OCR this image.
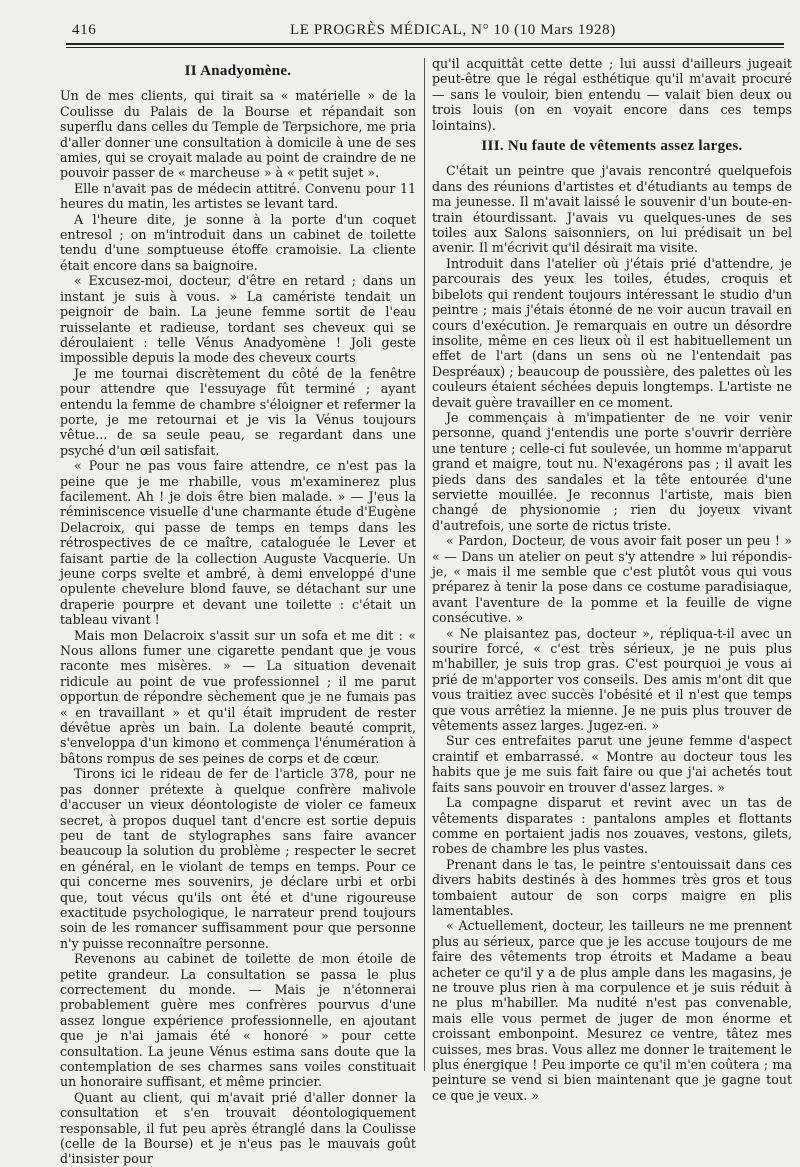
416	LE PROGRÈS MÉDICAL, N° 10 (10 Mars 1928)
II Anadyomène.

Un de mes clients, qui tirait sa « matérielle » de la Coulisse du Palais de la Bourse et répandait son superflu dans celles du Temple de Terpsichore, me pria d'aller donner une consultation à domicile à une de ses amies, qui se croyait malade au point de craindre de ne pouvoir passer de « marcheuse » à « petit sujet ».

Elle n'avait pas de médecin attitré. Convenu pour 11 heures du matin, les artistes se levant tard.

A l'heure dite, je sonne à la porte d'un coquet entresol ; on m'introduit dans un cabinet de toilette tendu d'une somptueuse étoffe cramoisie. La cliente était encore dans sa baignoire.

« Excusez-moi, docteur, d'être en retard ; dans un instant je suis à vous. » La camériste tendait un peignoir de bain. La jeune femme sortit de l'eau ruisselante et radieuse, tordant ses cheveux qui se déroulaient : telle Vénus Anadyomène ! Joli geste impossible depuis la mode des cheveux courts

Je me tournai discrètement du côté de la fenêtre pour attendre que l'essuyage fût terminé ; ayant entendu la femme de chambre s'éloigner et refermer la porte, je me retournai et je vis la Vénus toujours vêtue... de sa seule peau, se regardant dans une psyché d'un œil satisfait.

« Pour ne pas vous faire attendre, ce n'est pas la peine que je me rhabille, vous m'examinerez plus facilement. Ah ! je dois être bien malade. » — J'eus la réminiscence visuelle d'une charmante étude d'Eugène Delacroix, qui passe de temps en temps dans les rétrospectives de ce maître, cataloguée le Lever et faisant partie de la collection Auguste Vacquerie. Un jeune corps svelte et ambré, à demi enveloppé d'une opulente chevelure blond fauve, se détachant sur une draperie pourpre et devant une toilette : c'était un tableau vivant !

Mais mon Delacroix s'assit sur un sofa et me dit : « Nous allons fumer une cigarette pendant que je vous raconte mes misères. » — La situation devenait ridicule au point de vue professionnel ; il me parut opportun de répondre sèchement que je ne fumais pas « en travaillant » et qu'il était imprudent de rester dévêtue après un bain. La dolente beauté comprit, s'enveloppa d'un kimono et commença l'énumération à bâtons rompus de ses peines de corps et de cœur.

Tirons ici le rideau de fer de l'article 378, pour ne pas donner prétexte à quelque confrère malivole d'accuser un vieux déontologiste de violer ce fameux secret, à propos duquel tant d'encre est sortie depuis peu de tant de stylographes sans faire avancer beaucoup la solution du problème ; respecter le secret en général, en le violant de temps en temps. Pour ce qui concerne mes souvenirs, je déclare urbi et orbi que, tout vécus qu'ils ont été et d'une rigoureuse exactitude psychologique, le narrateur prend toujours soin de les romancer suffisamment pour que personne n'y puisse reconnaître personne.

Revenons au cabinet de toilette de mon étoile de petite grandeur. La consultation se passa le plus correctement du monde. — Mais je n'étonnerai probablement guère mes confrères pourvus d'une assez longue expérience professionnelle, en ajoutant que je n'ai jamais été « honoré » pour cette consultation. La jeune Vénus estima sans doute que la contemplation de ses charmes sans voiles constituait un honoraire suffisant, et même princier.

Quant au client, qui m'avait prié d'aller donner la consultation et s'en trouvait déontologiquement responsable, il fut peu après étranglé dans la Coulisse (celle de la Bourse) et je n'eus pas le mauvais goût d'insister pour

qu'il acquittât cette dette ; lui aussi d'ailleurs jugeait peut-être que le régal esthétique qu'il m'avait procuré — sans le vouloir, bien entendu — valait bien deux ou trois louis (on en voyait encore dans ces temps lointains).

III. Nu faute de vêtements assez larges.

C'était un peintre que j'avais rencontré quelquefois dans des réunions d'artistes et d'étudiants au temps de ma jeunesse. Il m'avait laissé le souvenir d'un boute-en-train étourdissant. J'avais vu quelques-unes de ses toiles aux Salons saisonniers, on lui prédisait un bel avenir. Il m'écrivit qu'il désirait ma visite.

Introduit dans l'atelier où j'étais prié d'attendre, je parcourais des yeux les toiles, études, croquis et bibelots qui rendent toujours intéressant le studio d'un peintre ; mais j'étais étonné de ne voir aucun travail en cours d'exécution. Je remarquais en outre un désordre insolite, même en ces lieux où il est habituellement un effet de l'art (dans un sens où ne l'entendait pas Despréaux) ; beaucoup de poussière, des palettes où les couleurs étaient séchées depuis longtemps. L'artiste ne devait guère travailler en ce moment.

Je commençais à m'impatienter de ne voir venir personne, quand j'entendis une porte s'ouvrir derrière une tenture ; celle-ci fut soulevée, un homme m'apparut grand et maigre, tout nu. N'exagérons pas ; il avait les pieds dans des sandales et la tête entourée d'une serviette mouillée. Je reconnus l'artiste, mais bien changé de physionomie ; rien du joyeux vivant d'autrefois, une sorte de rictus triste.

« Pardon, Docteur, de vous avoir fait poser un peu ! » « — Dans un atelier on peut s'y attendre » lui répondis-je, « mais il me semble que c'est plutôt vous qui vous préparez à tenir la pose dans ce costume paradisiaque, avant l'aventure de la pomme et la feuille de vigne consécutive. »

« Ne plaisantez pas, docteur », répliqua-t-il avec un sourire forcé, « c'est très sérieux, je ne puis plus m'habiller, je suis trop gras. C'est pourquoi je vous ai prié de m'apporter vos conseils. Des amis m'ont dit que vous traitiez avec succès l'obésité et il n'est que temps que vous arrêtiez la mienne. Je ne puis plus trouver de vêtements assez larges. Jugez-en. »

Sur ces entrefaites parut une jeune femme d'aspect craintif et embarrassé. « Montre au docteur tous les habits que je me suis fait faire ou que j'ai achetés tout faits sans pouvoir en trouver d'assez larges. »

La compagne disparut et revint avec un tas de vêtements disparates : pantalons amples et flottants comme en portaient jadis nos zouaves, vestons, gilets, robes de chambre les plus vastes.

Prenant dans le tas, le peintre s'entouissait dans ces divers habits destinés à des hommes très gros et tous tombaient autour de son corps maigre en plis lamentables.

« Actuellement, docteur, les tailleurs ne me prennent plus au sérieux, parce que je les accuse toujours de me faire des vêtements trop étroits et Madame a beau acheter ce qu'il y a de plus ample dans les magasins, je ne trouve plus rien à ma corpulence et je suis réduit à ne plus m'habiller. Ma nudité n'est pas convenable, mais elle vous permet de juger de mon énorme et croissant embonpoint. Mesurez ce ventre, tâtez mes cuisses, mes bras. Vous allez me donner le traitement le plus énergique ! Peu importe ce qu'il m'en coûtera ; ma peinture se vend si bien maintenant que je gagne tout ce que je veux. »
